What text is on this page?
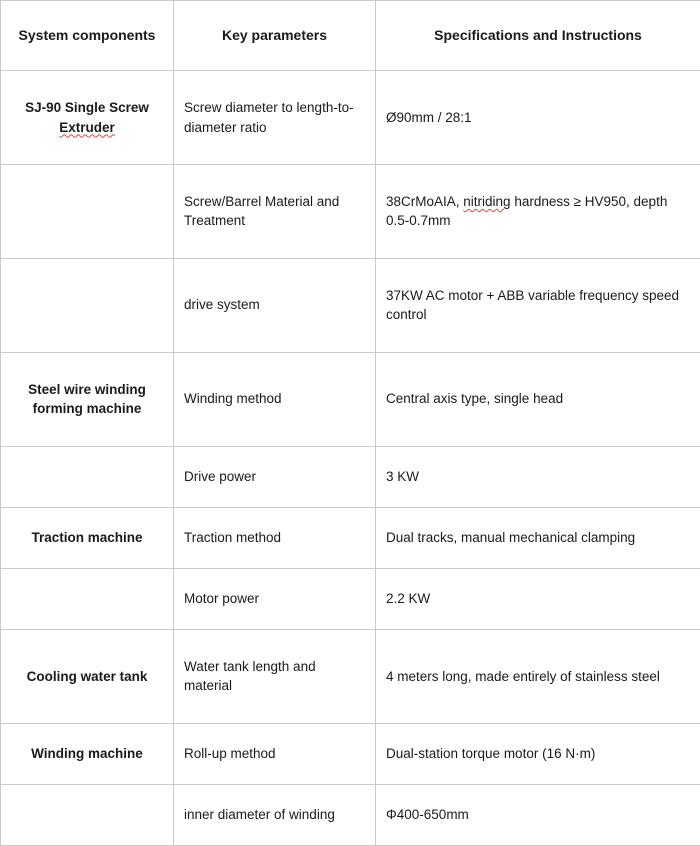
System components	Key parameters	Specifications and Instructions
SJ-90 Single Screw Extruder	Screw diameter to length-to-diameter ratio	Ø90mm / 28:1
	Screw/Barrel Material and Treatment	38CrMoAIA, nitriding hardness ≥ HV950, depth 0.5-0.7mm
	drive system	37KW AC motor + ABB variable frequency speed control
Steel wire winding forming machine	Winding method	Central axis type, single head
	Drive power	3 KW
Traction machine	Traction method	Dual tracks, manual mechanical clamping
	Motor power	2.2 KW
Cooling water tank	Water tank length and material	4 meters long, made entirely of stainless steel
Winding machine	Roll-up method	Dual-station torque motor (16 N·m)
	inner diameter of winding	Φ400-650mm
